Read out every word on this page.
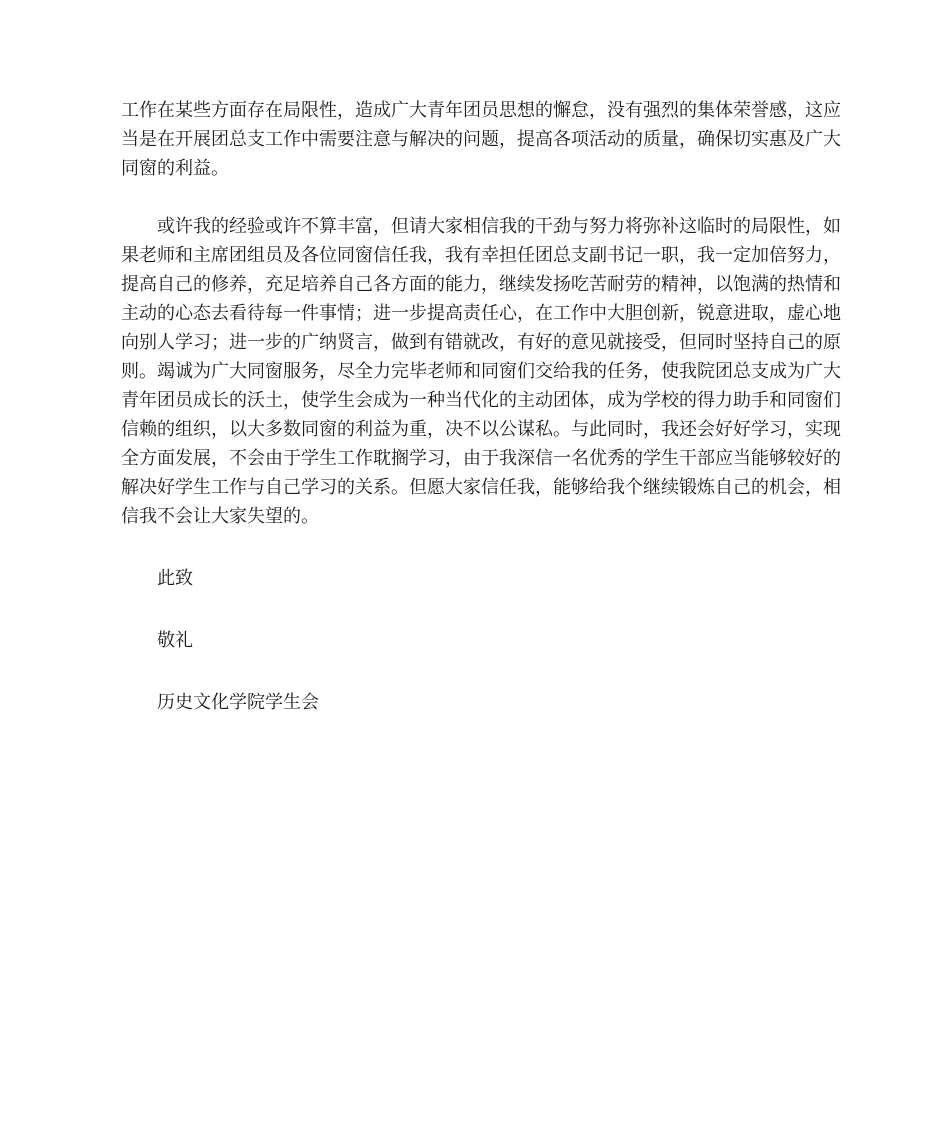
工作在某些方面存在局限性，造成广大青年团员思想的懈怠，没有强烈的集体荣誉感，这应当是在开展团总支工作中需要注意与解决的问题，提高各项活动的质量，确保切实惠及广大同窗的利益。

或许我的经验或许不算丰富，但请大家相信我的干劲与努力将弥补这临时的局限性，如果老师和主席团组员及各位同窗信任我，我有幸担任团总支副书记一职，我一定加倍努力，提高自己的修养，充足培养自己各方面的能力，继续发扬吃苦耐劳的精神，以饱满的热情和主动的心态去看待每一件事情；进一步提高责任心，在工作中大胆创新，锐意进取，虚心地向别人学习；进一步的广纳贤言，做到有错就改，有好的意见就接受，但同时坚持自己的原则。竭诚为广大同窗服务，尽全力完毕老师和同窗们交给我的任务，使我院团总支成为广大青年团员成长的沃土，使学生会成为一种当代化的主动团体，成为学校的得力助手和同窗们信赖的组织，以大多数同窗的利益为重，决不以公谋私。与此同时，我还会好好学习，实现全方面发展，不会由于学生工作耽搁学习，由于我深信一名优秀的学生干部应当能够较好的解决好学生工作与自己学习的关系。但愿大家信任我，能够给我个继续锻炼自己的机会，相信我不会让大家失望的。

此致

敬礼

历史文化学院学生会
